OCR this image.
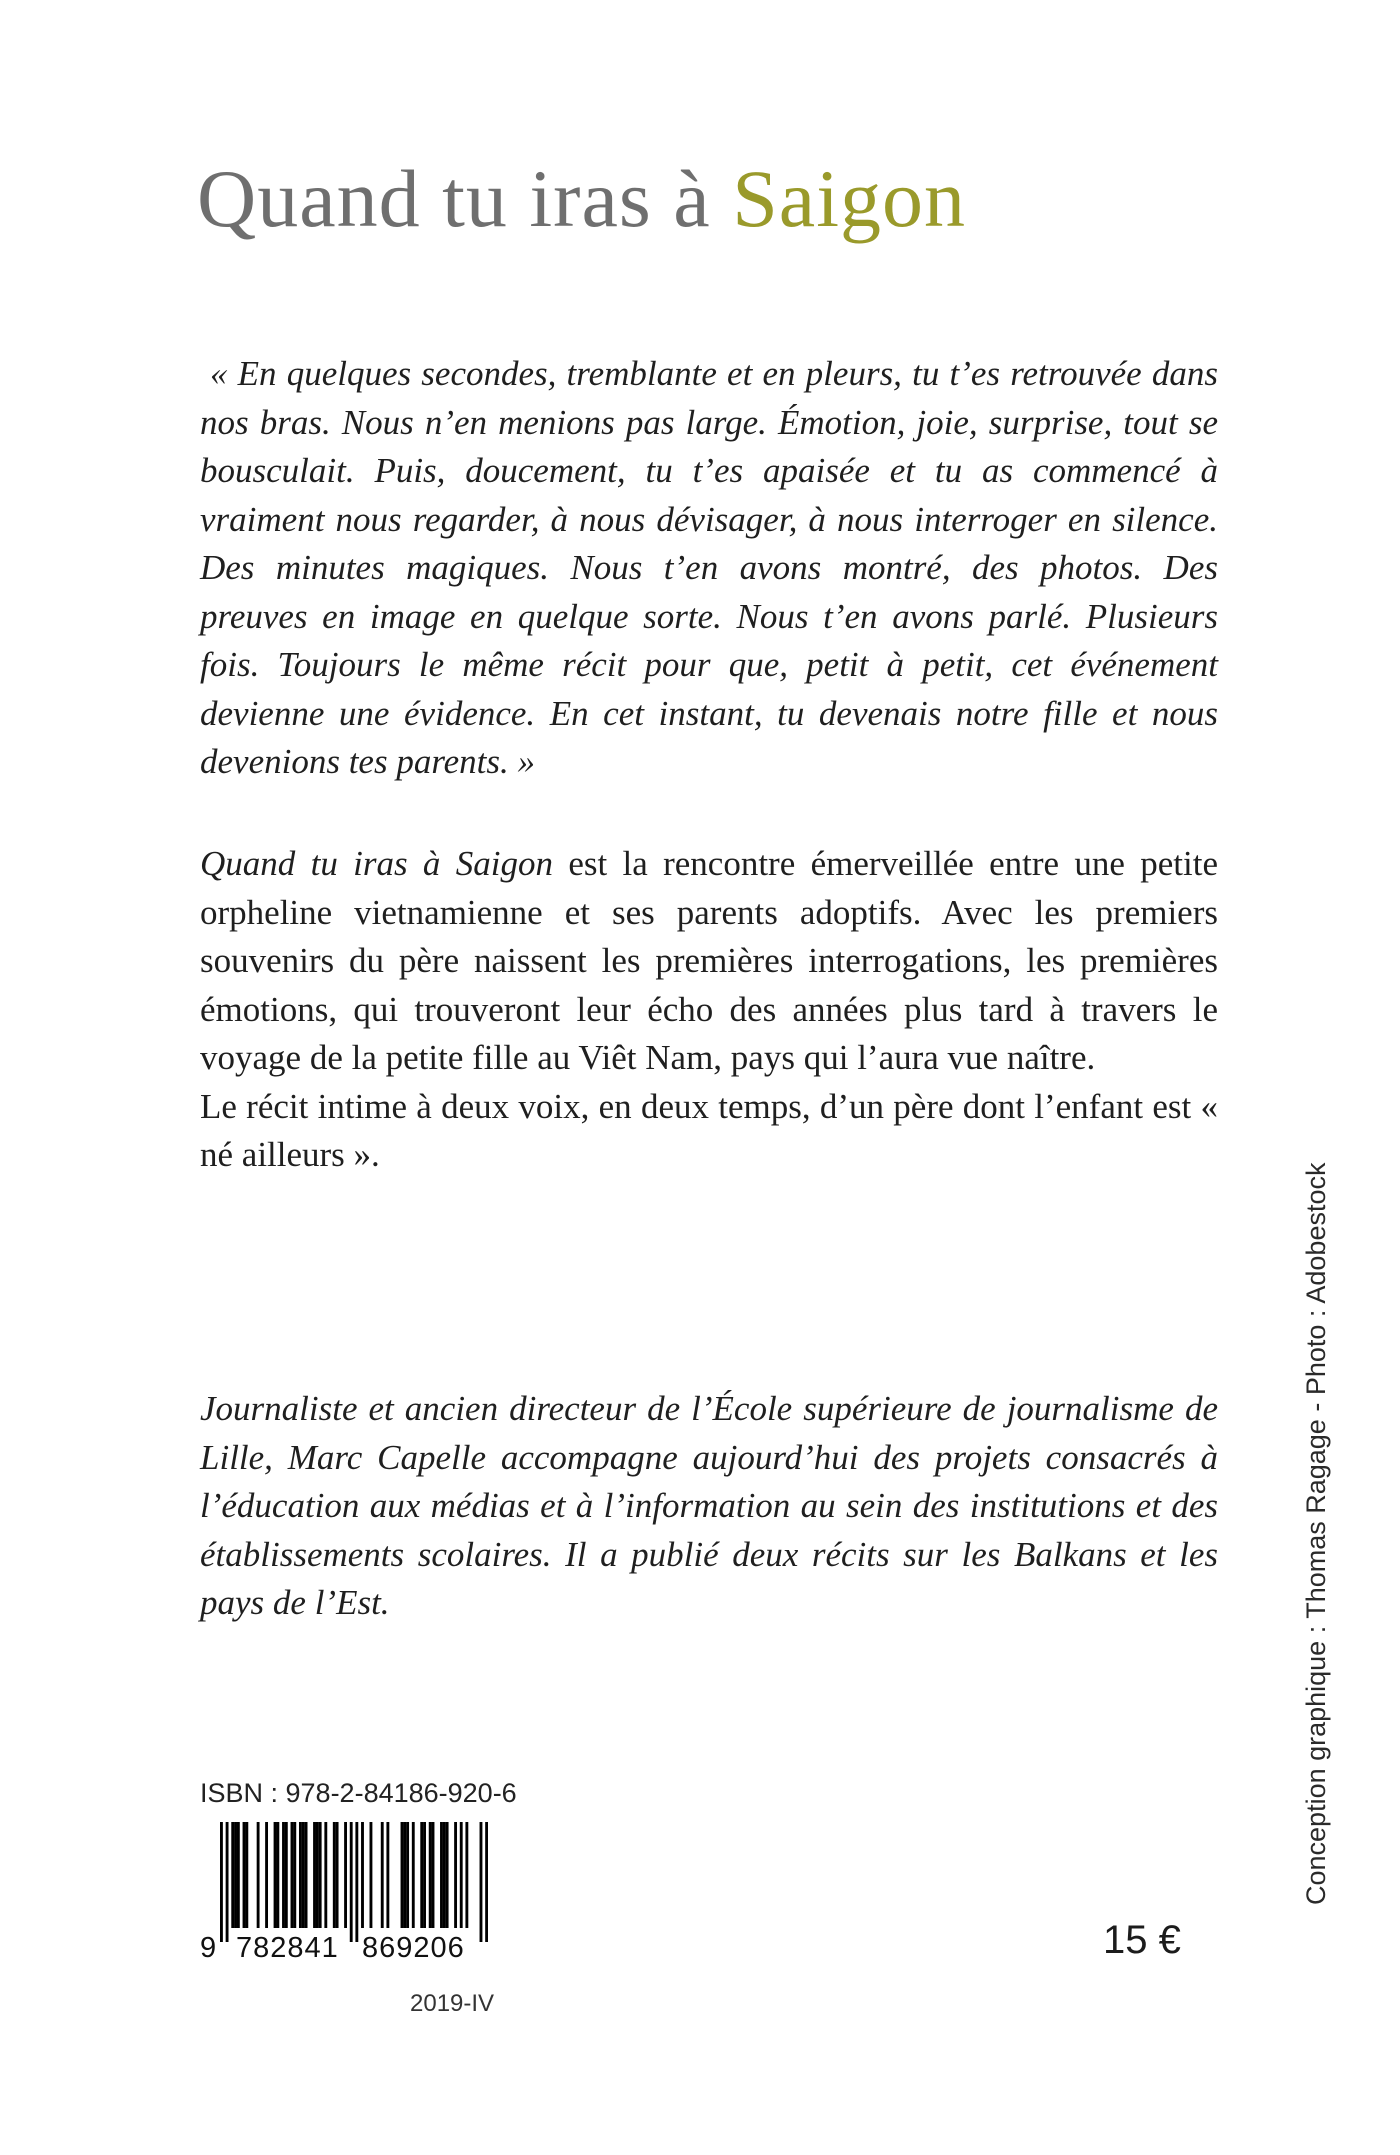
Quand tu iras à Saigon

« En quelques secondes, tremblante et en pleurs, tu t’es retrouvée dans nos bras. Nous n’en menions pas large. Émotion, joie, surprise, tout se bousculait. Puis, doucement, tu t’es apaisée et tu as commencé à vraiment nous regarder, à nous dévisager, à nous interroger en silence. Des minutes magiques. Nous t’en avons montré, des photos. Des preuves en image en quelque sorte. Nous t’en avons parlé. Plusieurs fois. Toujours le même récit pour que, petit à petit, cet événement devienne une évidence. En cet instant, tu devenais notre fille et nous devenions tes parents. »

Quand tu iras à Saigon est la rencontre émerveillée entre une petite orpheline vietnamienne et ses parents adoptifs. Avec les premiers souvenirs du père naissent les premières interrogations, les premières émotions, qui trouveront leur écho des années plus tard à travers le voyage de la petite fille au Viêt Nam, pays qui l’aura vue naître.

Le récit intime à deux voix, en deux temps, d’un père dont l’enfant est « né ailleurs ».

Journaliste et ancien directeur de l’École supérieure de journalisme de Lille, Marc Capelle accompagne aujourd’hui des projets consacrés à l’éducation aux médias et à l’information au sein des institutions et des établissements scolaires. Il a publié deux récits sur les Balkans et les pays de l’Est.	Conception graphique : Thomas Ragage - Photo : Adobestock
ISBN : 978-2-84186-920-6
9 782841 869206	15 €
2019-IV
